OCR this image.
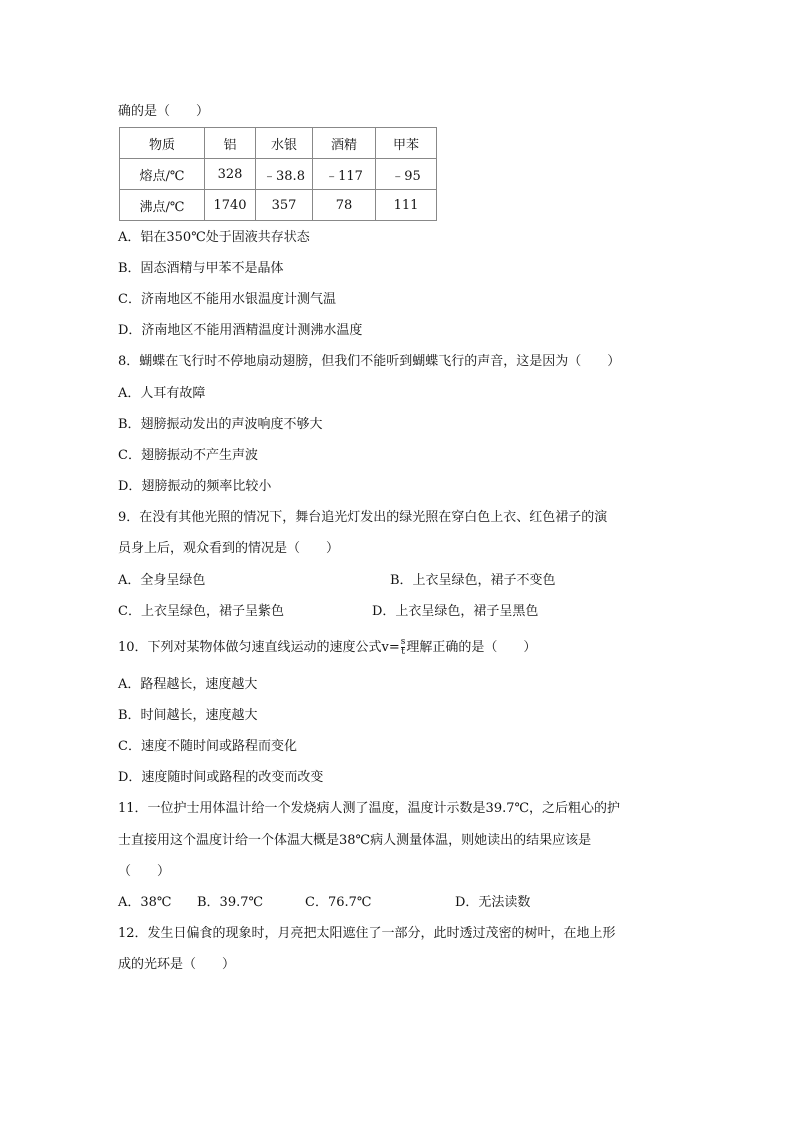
确的是（　　）
物质	铝	水银	酒精	甲苯
熔点/℃	328	﹣38.8	﹣117	﹣95
沸点/℃	1740	357	78	111
A．铝在350℃处于固液共存状态
B．固态酒精与甲苯不是晶体
C．济南地区不能用水银温度计测气温
D．济南地区不能用酒精温度计测沸水温度
8．蝴蝶在飞行时不停地扇动翅膀，但我们不能听到蝴蝶飞行的声音，这是因为（　　）
A．人耳有故障
B．翅膀振动发出的声波响度不够大
C．翅膀振动不产生声波
D．翅膀振动的频率比较小
9．在没有其他光照的情况下，舞台追光灯发出的绿光照在穿白色上衣、红色裙子的演
员身上后，观众看到的情况是（　　）
A．全身呈绿色	B．上衣呈绿色，裙子不变色
C．上衣呈绿色，裙子呈紫色	D．上衣呈绿色，裙子呈黑色
10．下列对某物体做匀速直线运动的速度公式$v= \frac{s}{t}$ 理解正确的是（　　）
A．路程越长，速度越大
B．时间越长，速度越大
C．速度不随时间或路程而变化
D．速度随时间或路程的改变而改变
11．一位护士用体温计给一个发烧病人测了温度，温度计示数是39.7℃，之后粗心的护
士直接用这个温度计给一个体温大概是38℃病人测量体温，则她读出的结果应该是
（　　）
A．38℃ B．39.7℃	C．76.7℃	D．无法读数
12．发生日偏食的现象时，月亮把太阳遮住了一部分，此时透过茂密的树叶，在地上形
成的光环是（　　）
